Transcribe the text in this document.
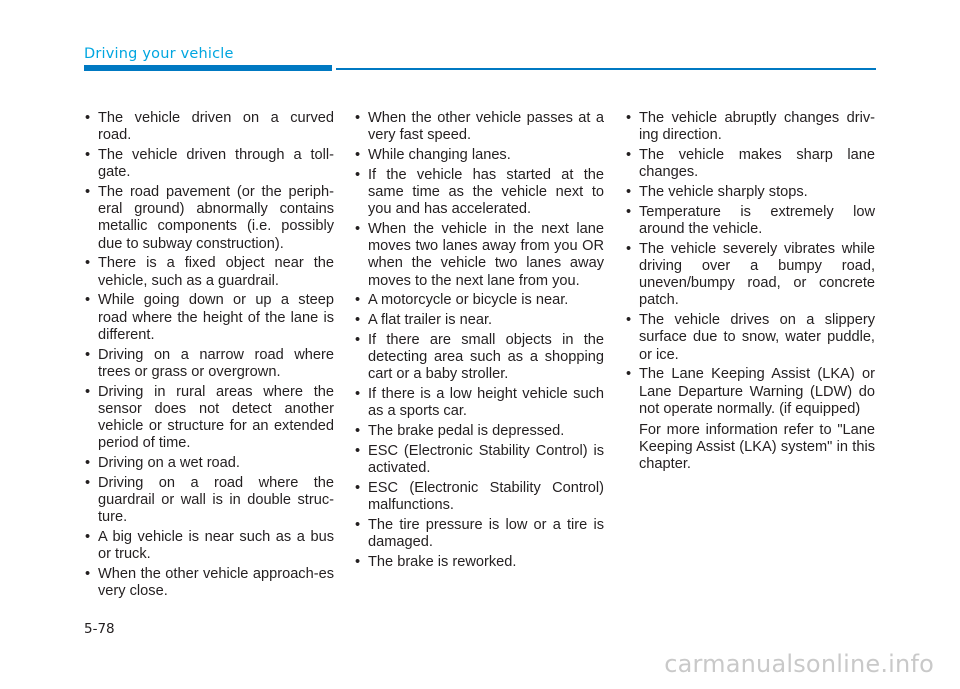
Driving your vehicle
• The vehicle driven on a curved road.
• The vehicle driven through a toll-gate.
• The road pavement (or the periph-eral ground) abnormally contains metallic components (i.e. possibly due to subway construction).
• There is a fixed object near the vehicle, such as a guardrail.
• While going down or up a steep road where the height of the lane is different.
• Driving on a narrow road where trees or grass or overgrown.
• Driving in rural areas where the sensor does not detect another vehicle or structure for an extended period of time.
• Driving on a wet road.
• Driving on a road where the guardrail or wall is in double struc-ture.
• A big vehicle is near such as a bus or truck.
• When the other vehicle approach-es very close.
• When the other vehicle passes at a very fast speed.
• While changing lanes.
• If the vehicle has started at the same time as the vehicle next to you and has accelerated.
• When the vehicle in the next lane moves two lanes away from you OR when the vehicle two lanes away moves to the next lane from you.
• A motorcycle or bicycle is near.
• A flat trailer is near.
• If there are small objects in the detecting area such as a shopping cart or a baby stroller.
• If there is a low height vehicle such as a sports car.
• The brake pedal is depressed.
• ESC (Electronic Stability Control) is activated.
• ESC (Electronic Stability Control) malfunctions.
• The tire pressure is low or a tire is damaged.
• The brake is reworked.
• The vehicle abruptly changes driv-ing direction.
• The vehicle makes sharp lane changes.
• The vehicle sharply stops.
• Temperature is extremely low around the vehicle.
• The vehicle severely vibrates while driving over a bumpy road, uneven/bumpy road, or concrete patch.
• The vehicle drives on a slippery surface due to snow, water puddle, or ice.
• The Lane Keeping Assist (LKA) or Lane Departure Warning (LDW) do not operate normally. (if equipped)

For more information refer to "Lane Keeping Assist (LKA) system" in this chapter.

5-78
carmanualsonline.info
